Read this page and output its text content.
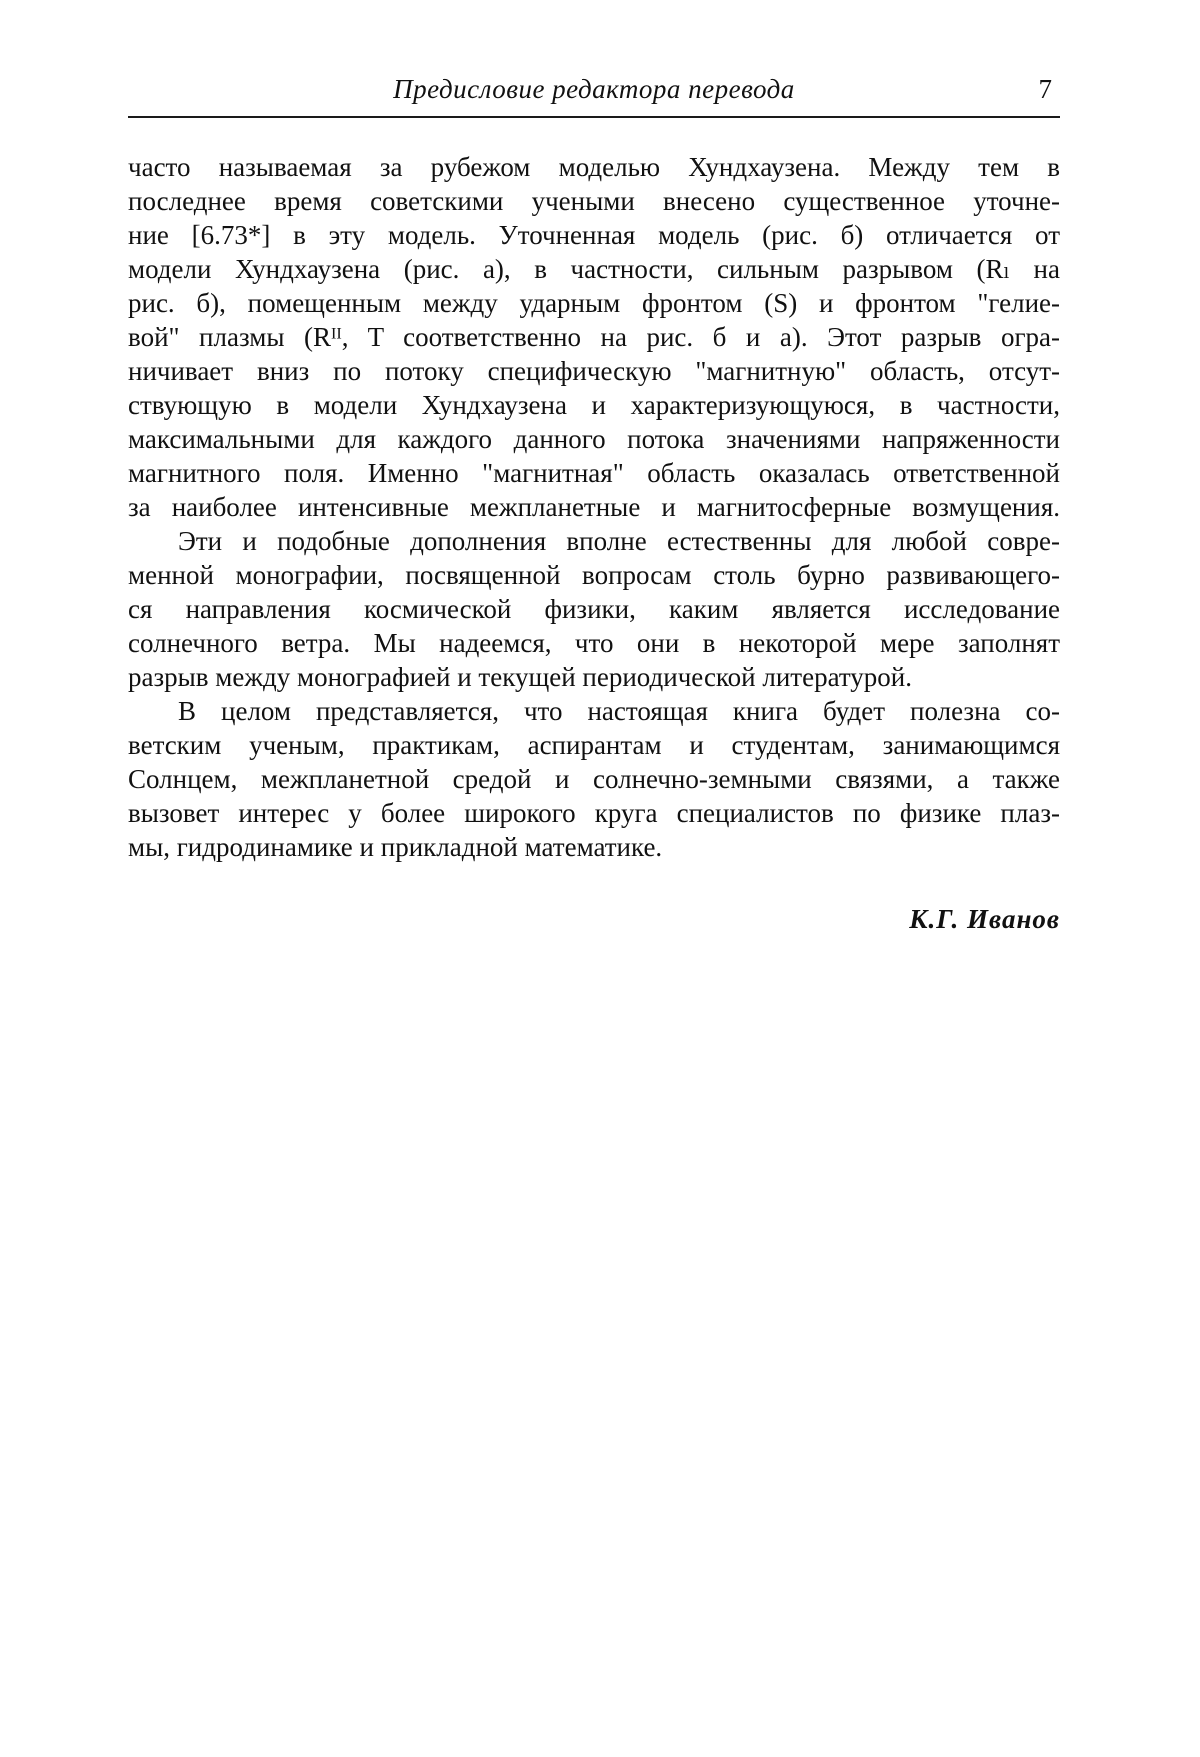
Предисловие редактора перевода	7
часто называемая за рубежом моделью Хундхаузена. Между тем в
последнее время советскими учеными внесено существенное уточне-
ние [6.73*] в эту модель. Уточненная модель (рис. б) отличается от
модели Хундхаузена (рис. а), в частности, сильным разрывом (Rₗ на
рис. б), помещенным между ударным фронтом (S) и фронтом "гелие-
вой" плазмы (Rᴵᴵ, T соответственно на рис. б и а). Этот разрыв огра-
ничивает вниз по потоку специфическую "магнитную" область, отсут-
ствующую в модели Хундхаузена и характеризующуюся, в частности,
максимальными для каждого данного потока значениями напряженности
магнитного поля. Именно "магнитная" область оказалась ответственной
за наиболее интенсивные межпланетные и магнитосферные возмущения.
Эти и подобные дополнения вполне естественны для любой совре-
менной монографии, посвященной вопросам столь бурно развивающего-
ся направления космической физики, каким является исследование
солнечного ветра. Мы надеемся, что они в некоторой мере заполнят
разрыв между монографией и текущей периодической литературой.
В целом представляется, что настоящая книга будет полезна со-
ветским ученым, практикам, аспирантам и студентам, занимающимся
Солнцем, межпланетной средой и солнечно-земными связями, а также
вызовет интерес у более широкого круга специалистов по физике плаз-
мы, гидродинамике и прикладной математике.
К.Г. Иванов
